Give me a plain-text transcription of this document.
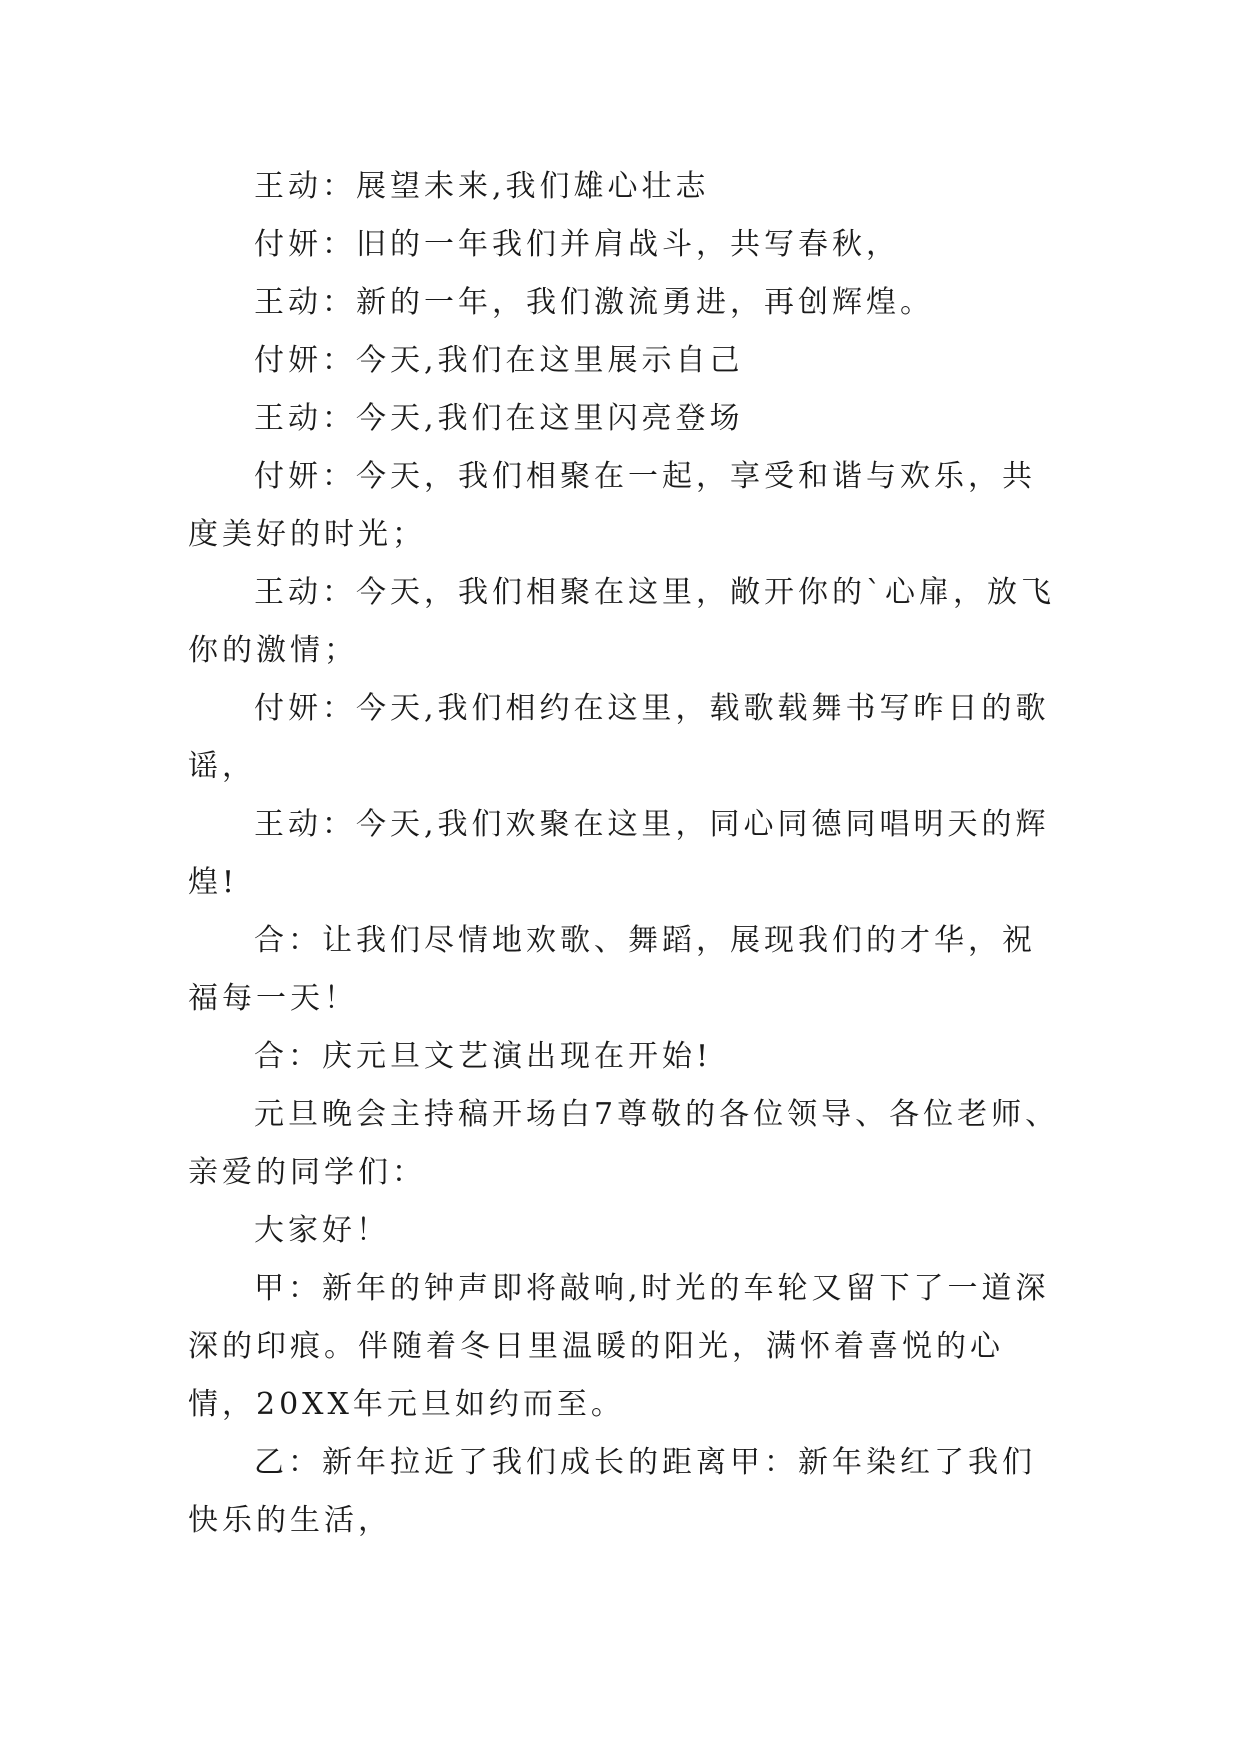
王动：展望未来,我们雄心壮志

付妍：旧的一年我们并肩战斗，共写春秋，

王动：新的一年，我们激流勇进，再创辉煌。

付妍：今天,我们在这里展示自己

王动：今天,我们在这里闪亮登场

付妍：今天，我们相聚在一起，享受和谐与欢乐，共度美好的时光；

王动：今天，我们相聚在这里，敞开你的`心扉，放飞你的激情；

付妍：今天,我们相约在这里，载歌载舞书写昨日的歌谣，

王动：今天,我们欢聚在这里，同心同德同唱明天的辉煌!

合：让我们尽情地欢歌、舞蹈，展现我们的才华，祝福每一天！

合：庆元旦文艺演出现在开始!

元旦晚会主持稿开场白7尊敬的各位领导、各位老师、亲爱的同学们：

大家好！

甲：新年的钟声即将敲响,时光的车轮又留下了一道深深的印痕。伴随着冬日里温暖的阳光，满怀着喜悦的心情，20XX年元旦如约而至。

乙：新年拉近了我们成长的距离甲：新年染红了我们快乐的生活，
